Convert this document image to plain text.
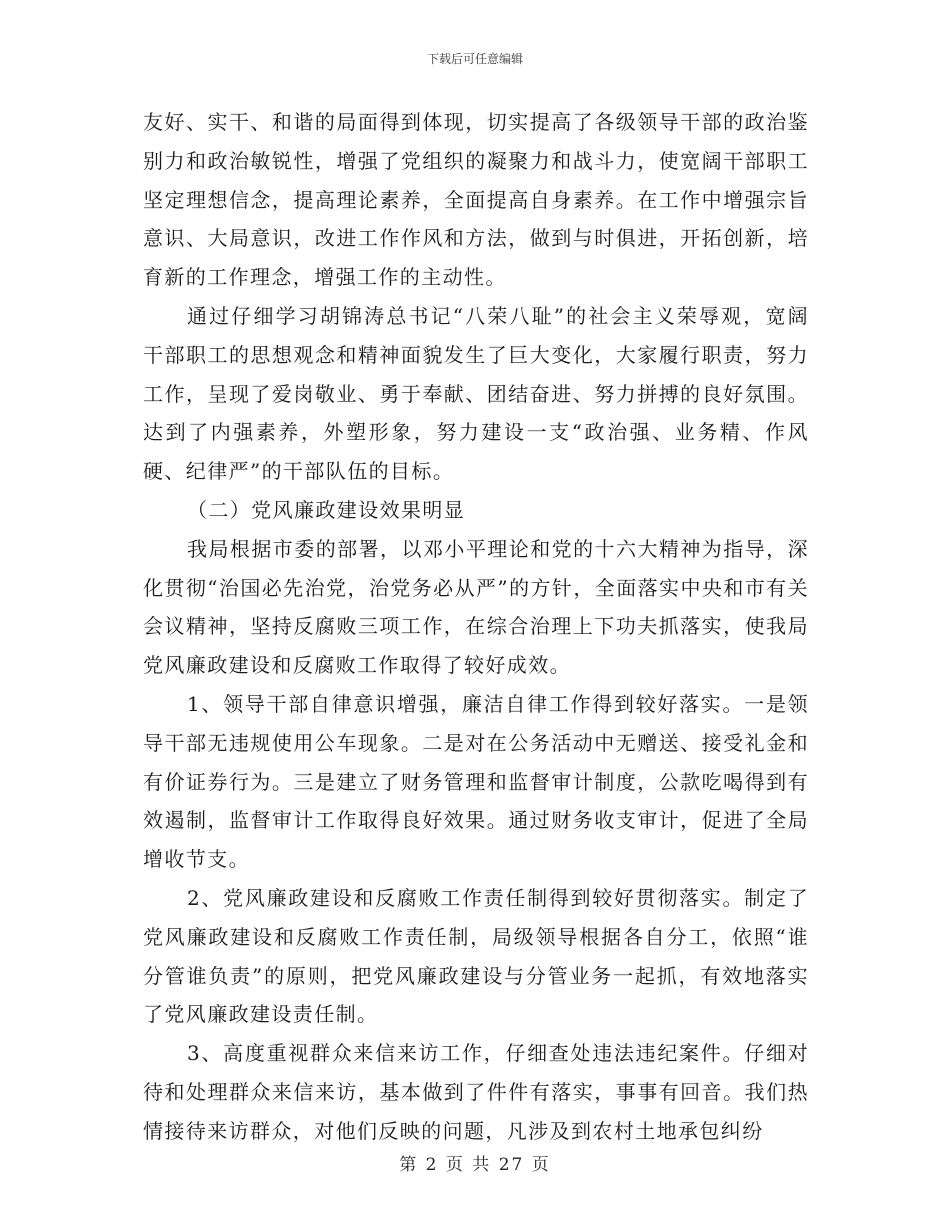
下载后可任意编辑

友好、实干、和谐的局面得到体现，切实提高了各级领导干部的政治鉴别力和政治敏锐性，增强了党组织的凝聚力和战斗力，使宽阔干部职工坚定理想信念，提高理论素养，全面提高自身素养。在工作中增强宗旨意识、大局意识，改进工作作风和方法，做到与时俱进，开拓创新，培育新的工作理念，增强工作的主动性。

通过仔细学习胡锦涛总书记“八荣八耻”的社会主义荣辱观，宽阔干部职工的思想观念和精神面貌发生了巨大变化，大家履行职责，努力工作，呈现了爱岗敬业、勇于奉献、团结奋进、努力拼搏的良好氛围。达到了内强素养，外塑形象，努力建设一支“政治强、业务精、作风硬、纪律严”的干部队伍的目标。

（二）党风廉政建设效果明显

我局根据市委的部署，以邓小平理论和党的十六大精神为指导，深化贯彻“治国必先治党，治党务必从严”的方针，全面落实中央和市有关会议精神，坚持反腐败三项工作，在综合治理上下功夫抓落实，使我局党风廉政建设和反腐败工作取得了较好成效。

1、领导干部自律意识增强，廉洁自律工作得到较好落实。一是领导干部无违规使用公车现象。二是对在公务活动中无赠送、接受礼金和有价证券行为。三是建立了财务管理和监督审计制度，公款吃喝得到有效遏制，监督审计工作取得良好效果。通过财务收支审计，促进了全局增收节支。

2、党风廉政建设和反腐败工作责任制得到较好贯彻落实。制定了党风廉政建设和反腐败工作责任制，局级领导根据各自分工，依照“谁分管谁负责”的原则，把党风廉政建设与分管业务一起抓，有效地落实了党风廉政建设责任制。

3、高度重视群众来信来访工作，仔细查处违法违纪案件。仔细对待和处理群众来信来访，基本做到了件件有落实，事事有回音。我们热情接待来访群众，对他们反映的问题，凡涉及到农村土地承包纠纷

第 2 页 共 27 页
